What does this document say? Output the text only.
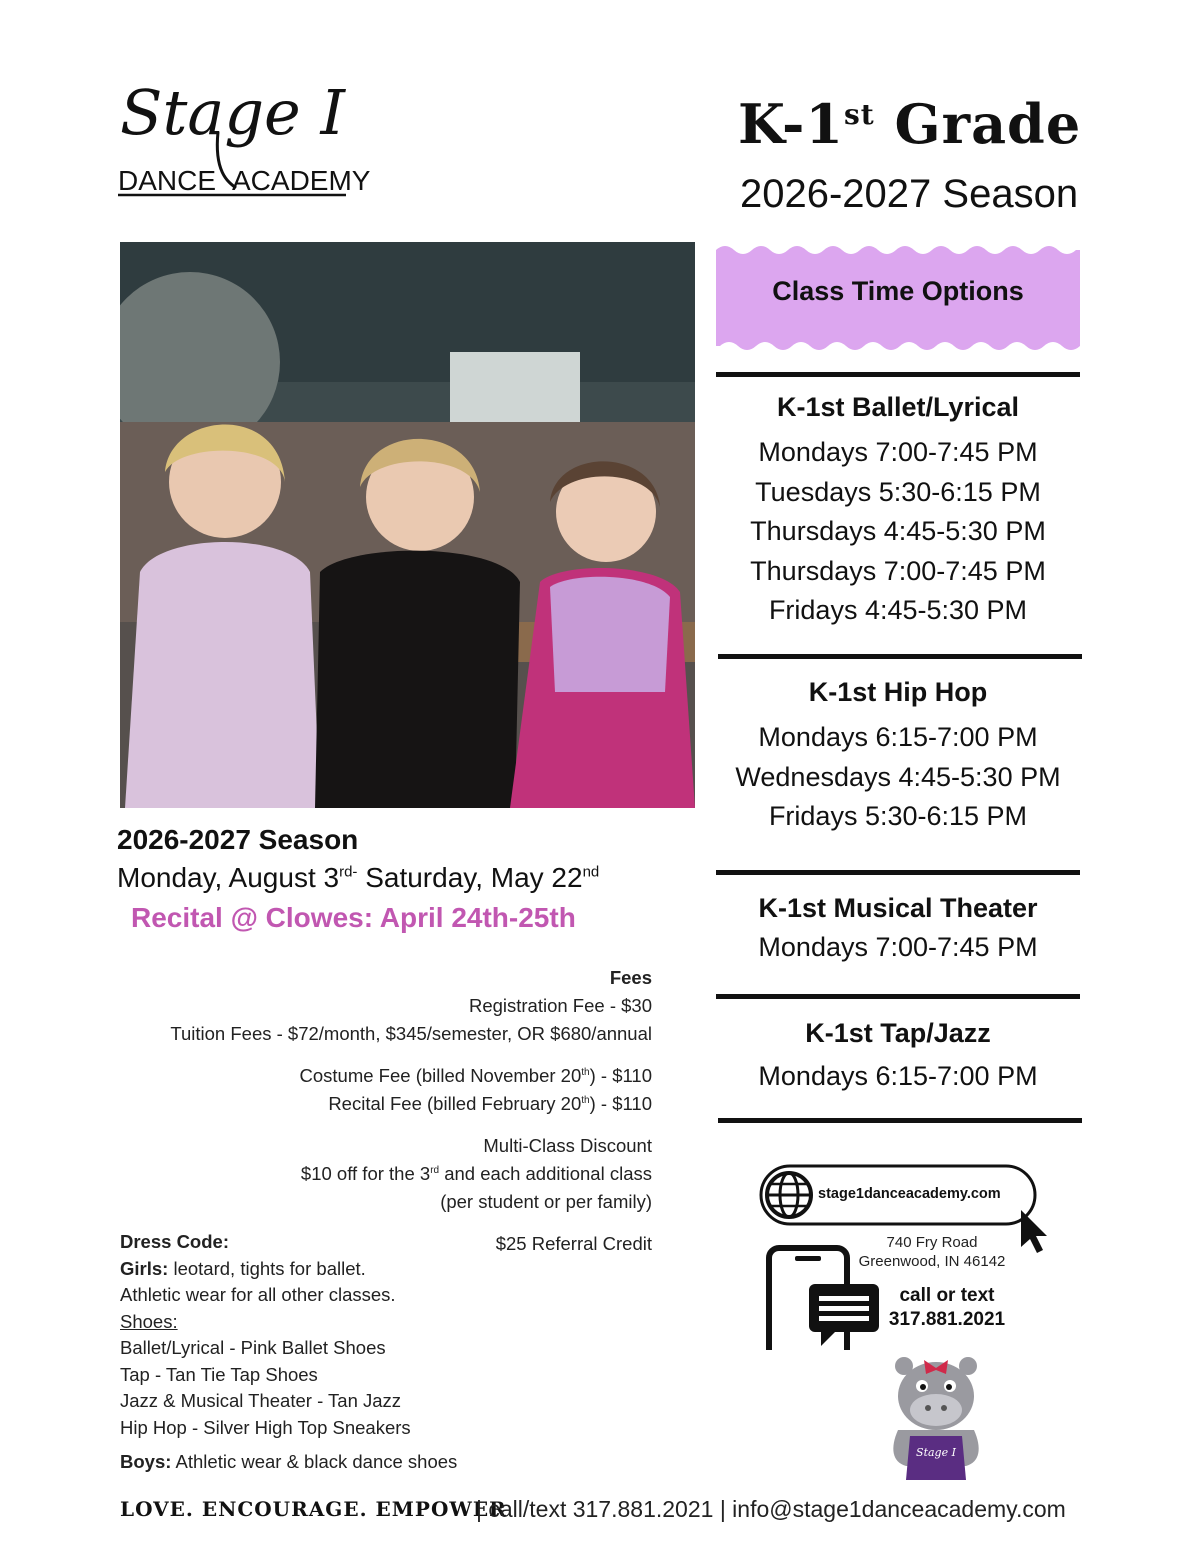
Stage I
DANCE ACADEMY
K-1st Grade
2026-2027 Season
Class Time Options

K-1st Ballet/Lyrical

Mondays 7:00-7:45 PM

Tuesdays 5:30-6:15 PM

Thursdays 4:45-5:30 PM

Thursdays 7:00-7:45 PM

Fridays 4:45-5:30 PM

K-1st Hip Hop

Mondays 6:15-7:00 PM

Wednesdays 4:45-5:30 PM

Fridays 5:30-6:15 PM

K-1st Musical Theater

Mondays 7:00-7:45 PM

K-1st Tap/Jazz

Mondays 6:15-7:00 PM

2026-2027 Season
Monday, August $3^{rd-}$ Saturday, May 22nd
Recital @ Clowes: April 24th-25th
Fees
Registration Fee - $30
Tuition Fees - $72/month, $345/semester, OR $680/annual
Costume Fee (billed November 20th) - $110
Recital Fee (billed February 20th) - $110
Multi-Class Discount
$10 off for the 3rd and each additional class
(per student or per family)
$25 Referral Credit
Dress Code:
Girls: leotard, tights for ballet.
Athletic wear for all other classes.
Shoes:
Ballet/Lyrical - Pink Ballet Shoes
Tap - Tan Tie Tap Shoes
Jazz & Musical Theater - Tan Jazz
Hip Hop - Silver High Top Sneakers
Boys: Athletic wear & black dance shoes
stage1danceacademy.com
740 Fry Road
Greenwood, IN 46142
call or text
317.881.2021
Stage I
LOVE. ENCOURAGE. EMPOWER
| call/text 317.881.2021 | info@stage1danceacademy.com
